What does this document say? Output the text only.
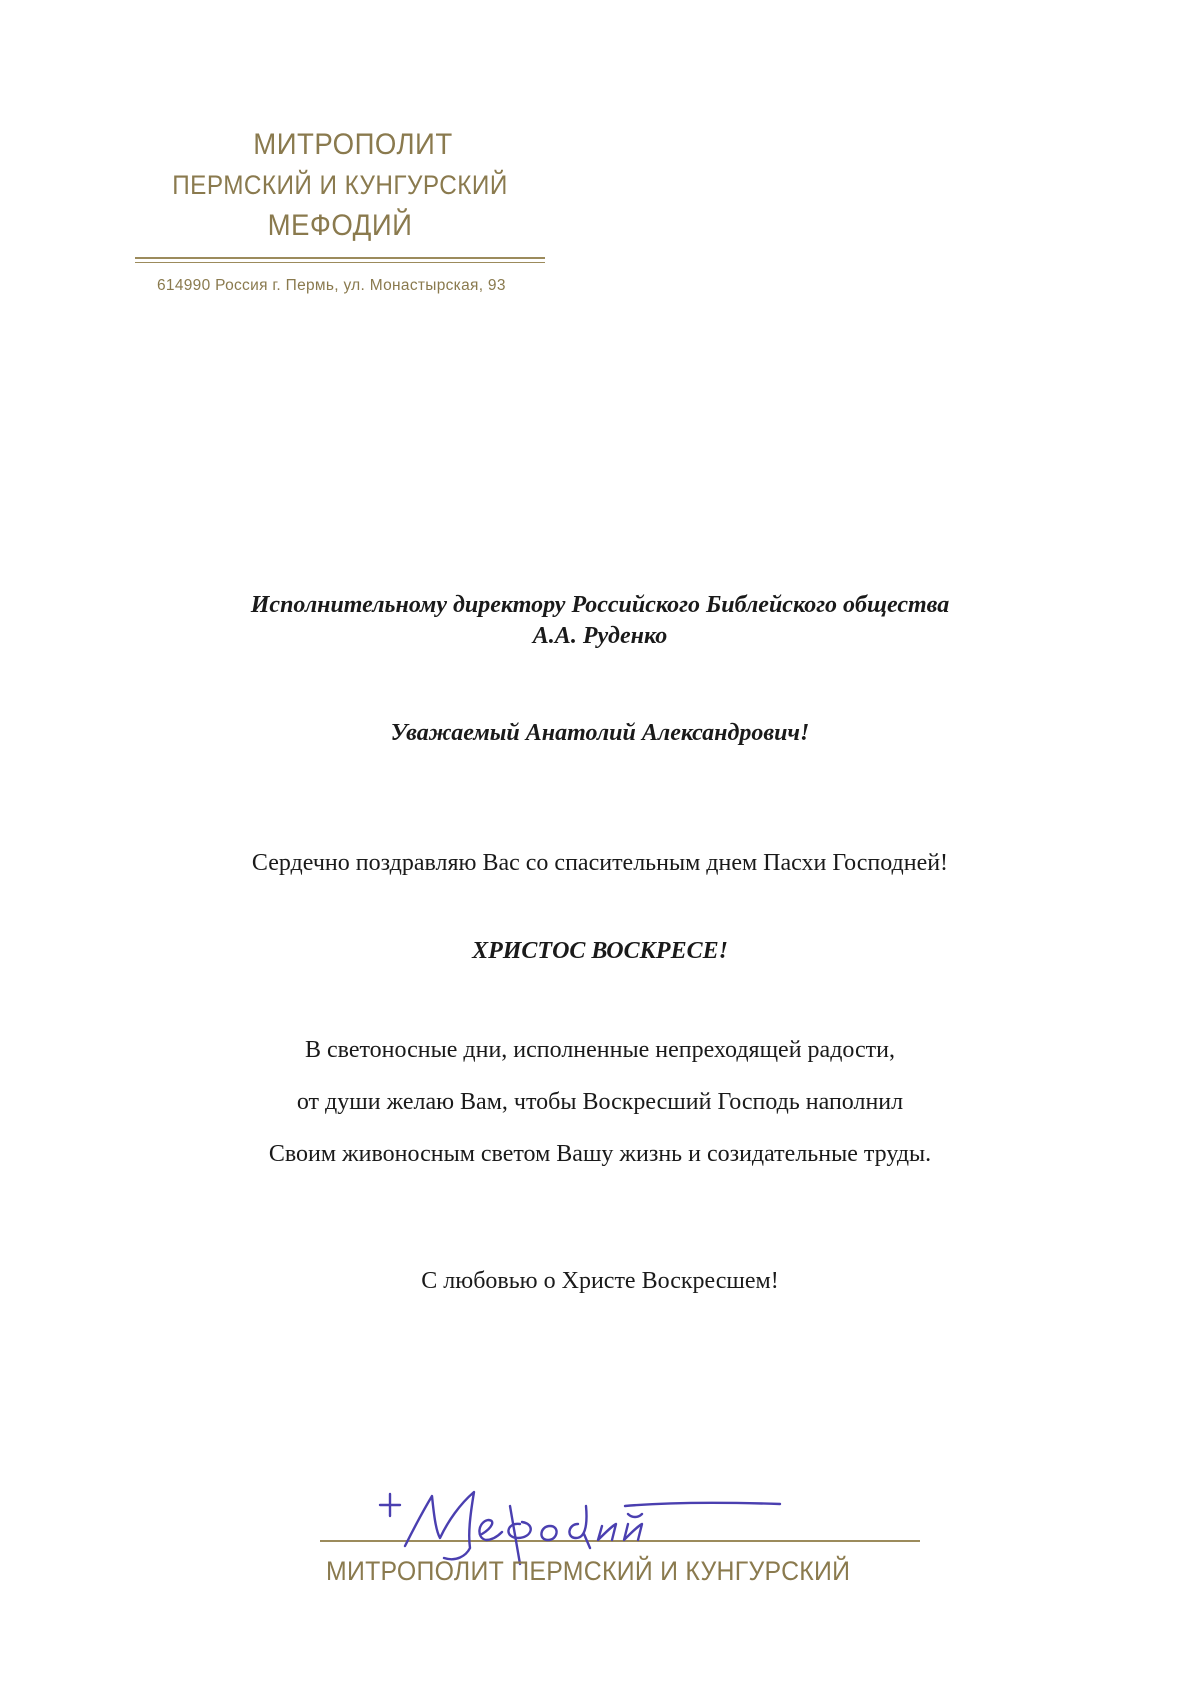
МИТРОПОЛИТ
ПЕРМСКИЙ И КУНГУРСКИЙ
МЕФОДИЙ
614990 Россия г. Пермь, ул. Монастырская, 93
Исполнительному директору Российского Библейского общества
А.А. Руденко
Уважаемый Анатолий Александрович!
Сердечно поздравляю Вас со спасительным днем Пасхи Господней!
ХРИСТОС ВОСКРЕСЕ!
В светоносные дни, исполненные непреходящей радости,
от души желаю Вам, чтобы Воскресший Господь наполнил
Своим живоносным светом Вашу жизнь и созидательные труды.
С любовью о Христе Воскресшем!
МИТРОПОЛИТ ПЕРМСКИЙ И КУНГУРСКИЙ
